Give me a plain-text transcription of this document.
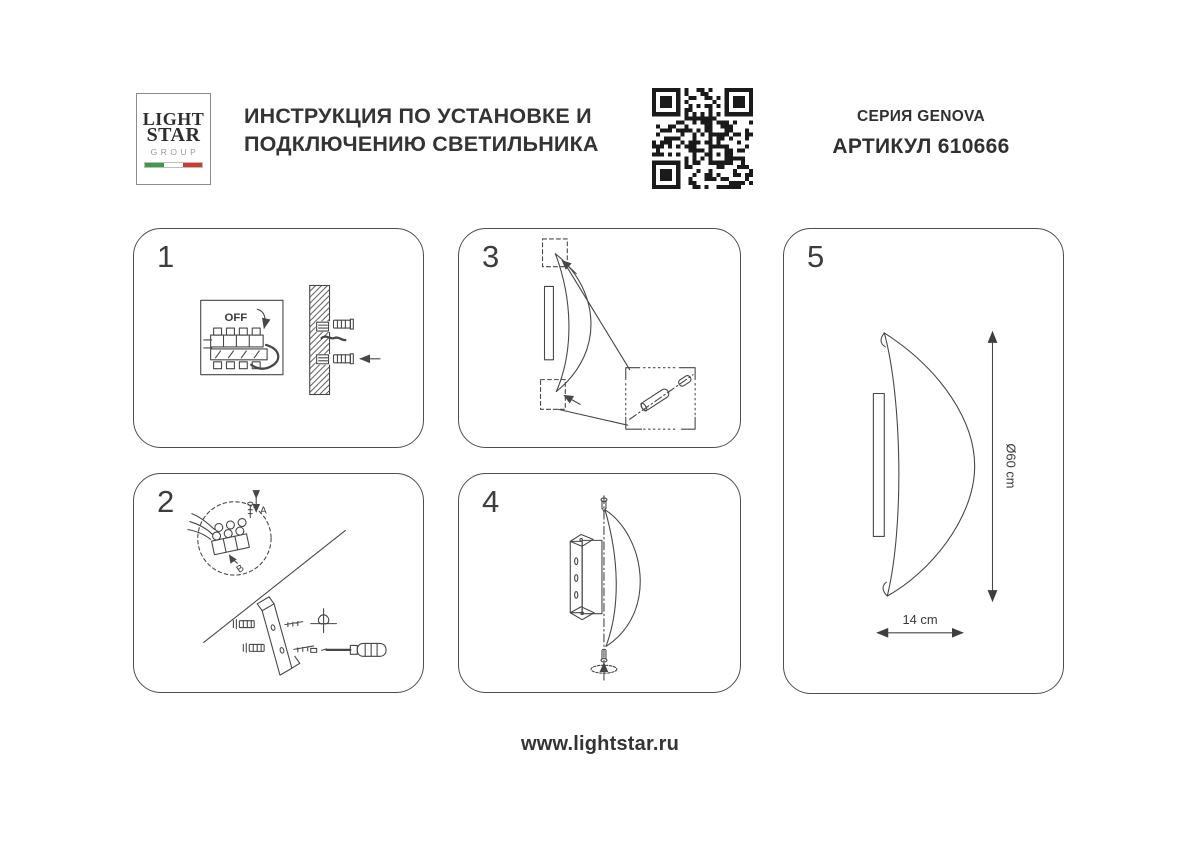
LIGHT
STAR
GROUP
ИНСТРУКЦИЯ ПО УСТАНОВКЕ И
ПОДКЛЮЧЕНИЮ СВЕТИЛЬНИКА
СЕРИЯ GENOVA
АРТИКУЛ 610666
1
OFF
2	A
B
3
4
5
Ø60 cm
14 cm
www.lightstar.ru
